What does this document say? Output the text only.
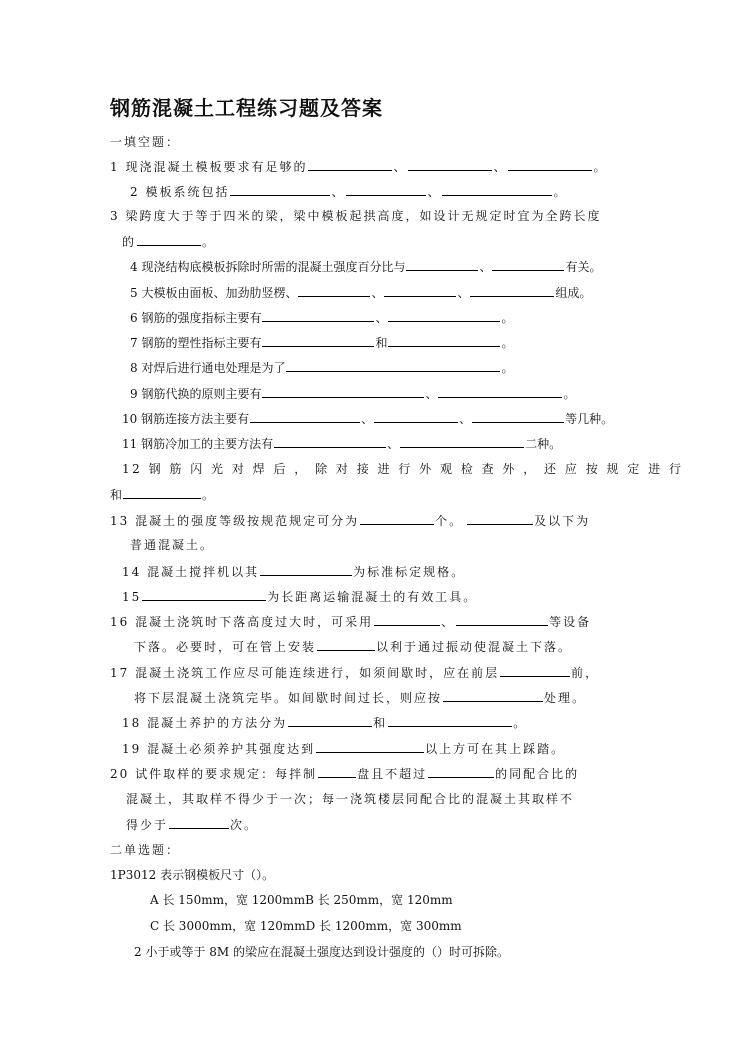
钢筋混凝土工程练习题及答案
一填空题：
1 现浇混凝土模板要求有足够的	、	、	。
2 模板系统包括	、	、	。
3 梁跨度大于等于四米的梁，梁中模板起拱高度，如设计无规定时宜为全跨长度
的	。
4 现浇结构底模板拆除时所需的混凝土强度百分比与	、	有关。
5 大模板由面板、加劲肋竖楞、	、	、	组成。
6 钢筋的强度指标主要有	、	。
7 钢筋的塑性指标主要有	和	。
8 对焊后进行通电处理是为了	。
9 钢筋代换的原则主要有	、	。
10 钢筋连接方法主要有	、	、	等几种。
11 钢筋冷加工的主要方法有	、	二种。
12 钢 筋 闪 光 对 焊 后 ， 除 对 接 进 行 外 观 检 查 外 ， 还 应 按 规 定 进 行
和	。
13 混凝土的强度等级按规范规定可分为	个。	及以下为
普通混凝土。
14 混凝土搅拌机以其	为标准标定规格。
15	为长距离运输混凝土的有效工具。
16 混凝土浇筑时下落高度过大时，可采用	、	等设备
下落。必要时，可在管上安装	以利于通过振动使混凝土下落。
17 混凝土浇筑工作应尽可能连续进行，如须间歇时，应在前层	前，
将下层混凝土浇筑完毕。如间歇时间过长，则应按	处理。
18 混凝土养护的方法分为	和	。
19 混凝土必须养护其强度达到	以上方可在其上踩踏。
20 试件取样的要求规定：每拌制	盘且不超过	的同配合比的
混凝土，其取样不得少于一次；每一浇筑楼层同配合比的混凝土其取样不
得少于	次。
二单选题：
1P3012 表示钢模板尺寸（）。
A 长 150mm，宽 1200mmB 长 250mm，宽 120mm
C 长 3000mm，宽 120mmD 长 1200mm，宽 300mm
2 小于或等于 8M 的梁应在混凝土强度达到设计强度的（）时可拆除。
